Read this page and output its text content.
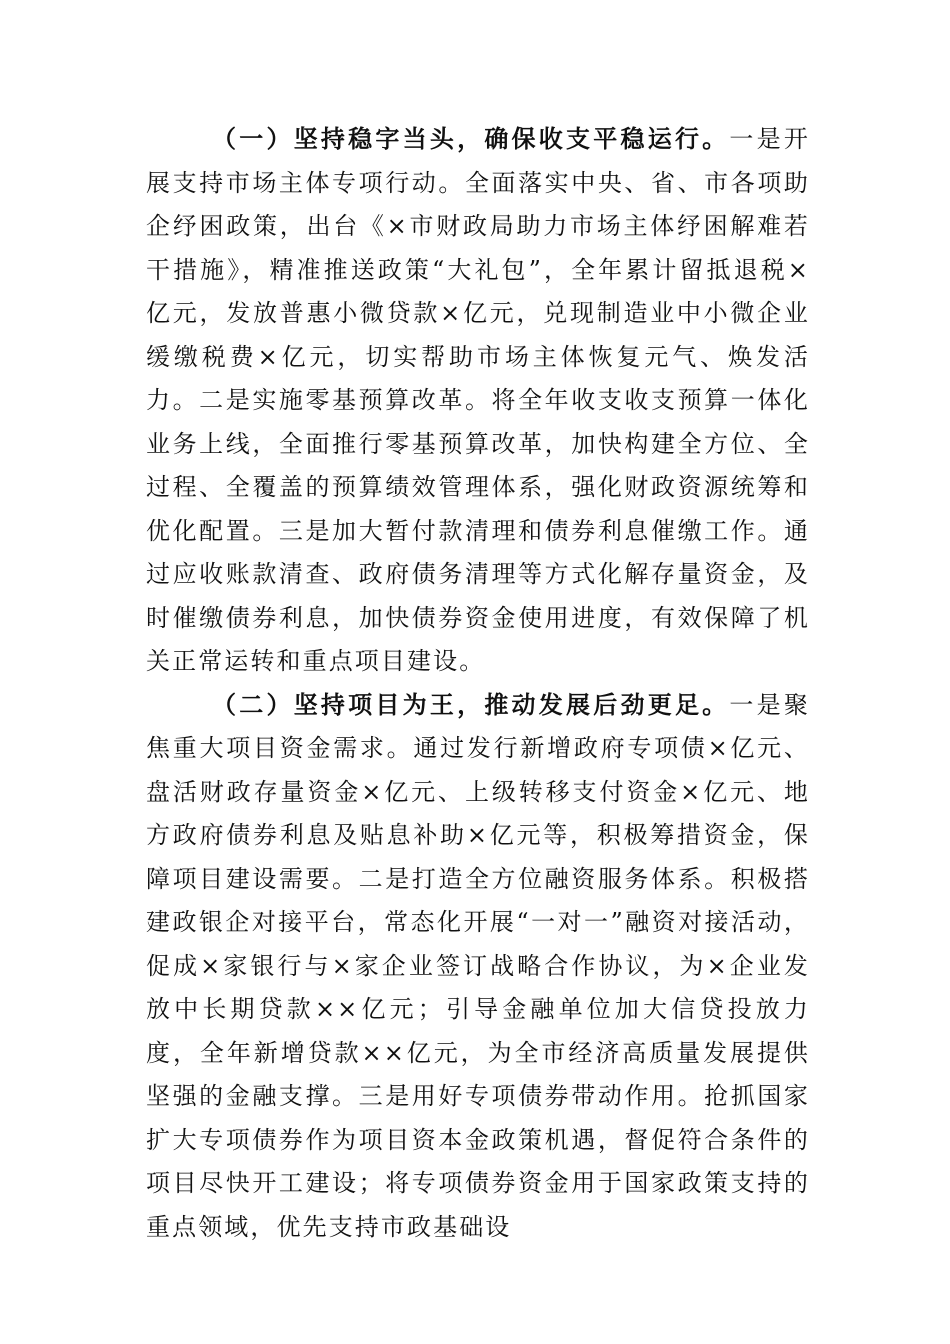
（一）坚持稳字当头，确保收支平稳运行。一是开展支持市场主体专项行动。全面落实中央、省、市各项助企纾困政策，出台《×市财政局助力市场主体纾困解难若干措施》，精准推送政策“大礼包”，全年累计留抵退税×亿元，发放普惠小微贷款×亿元，兑现制造业中小微企业缓缴税费×亿元，切实帮助市场主体恢复元气、焕发活力。二是实施零基预算改革。将全年收支收支预算一体化业务上线，全面推行零基预算改革，加快构建全方位、全过程、全覆盖的预算绩效管理体系，强化财政资源统筹和优化配置。三是加大暂付款清理和债券利息催缴工作。通过应收账款清查、政府债务清理等方式化解存量资金，及时催缴债券利息，加快债券资金使用进度，有效保障了机关正常运转和重点项目建设。

（二）坚持项目为王，推动发展后劲更足。一是聚焦重大项目资金需求。通过发行新增政府专项债×亿元、盘活财政存量资金×亿元、上级转移支付资金×亿元、地方政府债券利息及贴息补助×亿元等，积极筹措资金，保障项目建设需要。二是打造全方位融资服务体系。积极搭建政银企对接平台，常态化开展“一对一”融资对接活动，促成×家银行与×家企业签订战略合作协议，为×企业发放中长期贷款××亿元；引导金融单位加大信贷投放力度，全年新增贷款××亿元，为全市经济高质量发展提供坚强的金融支撑。三是用好专项债券带动作用。抢抓国家扩大专项债券作为项目资本金政策机遇，督促符合条件的项目尽快开工建设；将专项债券资金用于国家政策支持的重点领域，优先支持市政基础设
